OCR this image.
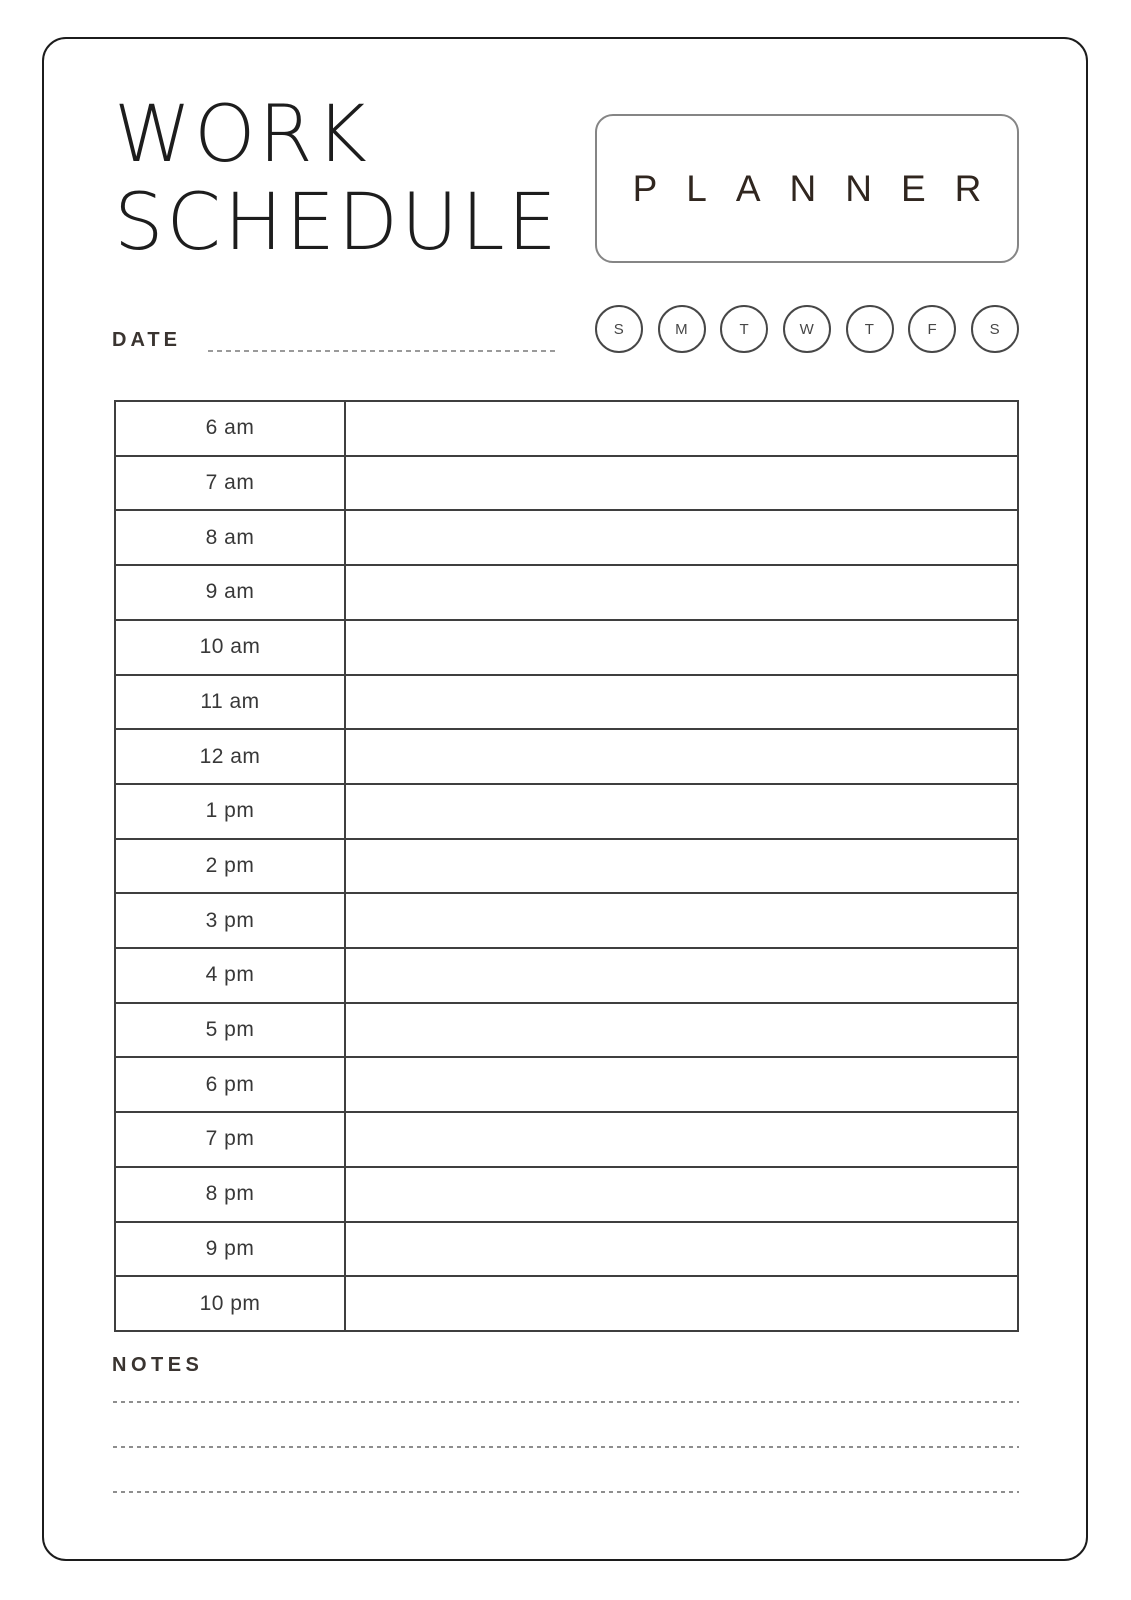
WORK
SCHEDULE	PLANNER
S	M	T	W	T	F	S
DATE
6 am
7 am
8 am
9 am
10 am
11 am
12 am
1 pm
2 pm
3 pm
4 pm
5 pm
6 pm
7 pm
8 pm
9 pm
10 pm
NOTES
